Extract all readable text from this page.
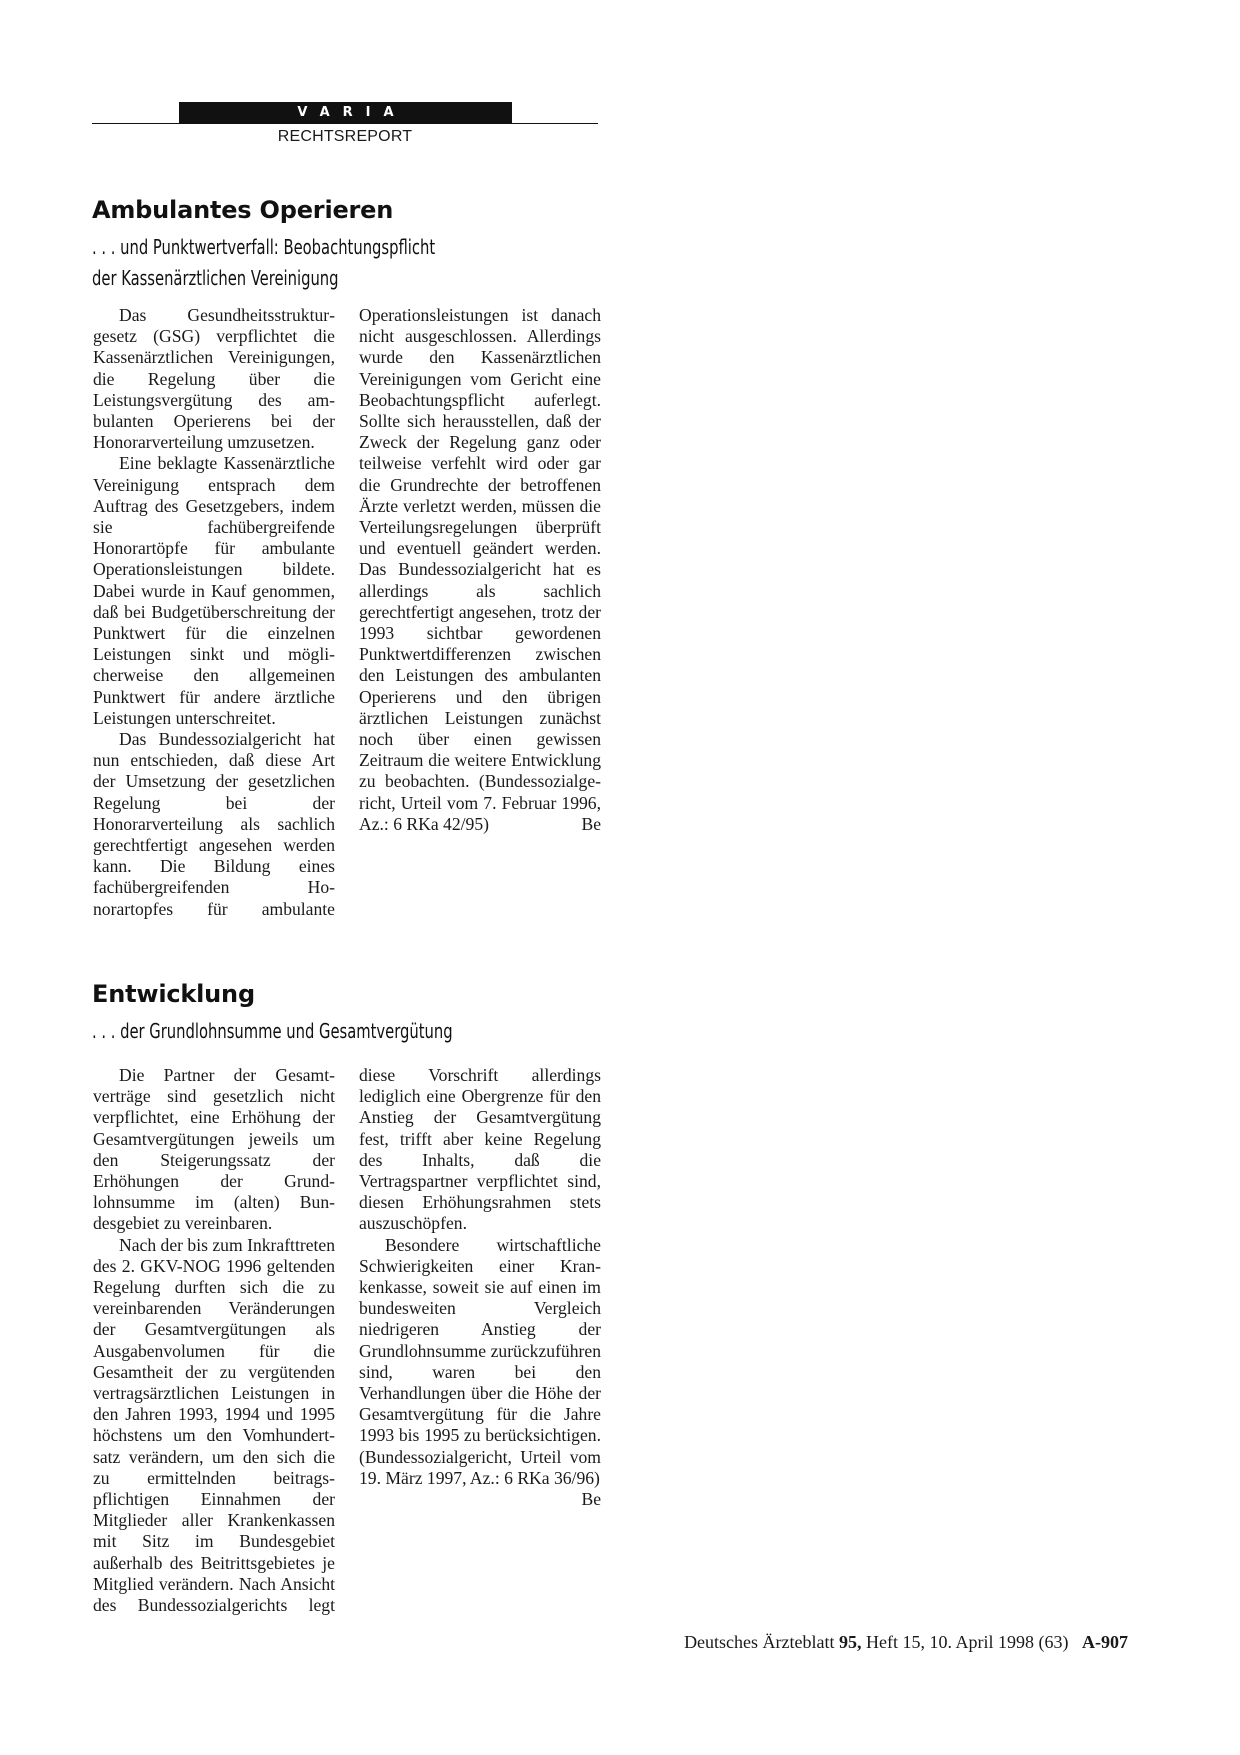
VARIA
RECHTSREPORT
Ambulantes Operieren
. . . und Punktwertverfall: Beobachtungspflicht
der Kassenärztlichen Vereinigung

Das Gesundheitsstrukturgesetz (GSG) verpflichtet die Kassenärztlichen Vereinigungen, die Regelung über die Leistungsvergütung des ambulanten Operierens bei der Honorarverteilung umzusetzen.

Eine beklagte Kassenärztliche Vereinigung entsprach dem Auftrag des Gesetzgebers, indem sie fachübergreifende Honorartöpfe für ambulante Operationsleistungen bildete. Dabei wurde in Kauf genommen, daß bei Budgetüberschreitung der Punktwert für die einzelnen Leistungen sinkt und möglicherweise den allgemeinen Punktwert für andere ärztliche Leistungen unterschreitet.

Das Bundessozialgericht hat nun entschieden, daß diese Art der Umsetzung der gesetzlichen Regelung bei der Honorarverteilung als sachlich gerechtfertigt angesehen werden kann. Die Bildung eines fachübergreifenden Honorartopfes für ambulante Operationsleistungen ist danach nicht ausgeschlossen. Allerdings wurde den Kassenärztlichen Vereinigungen vom Gericht eine Beobachtungspflicht auferlegt. Sollte sich herausstellen, daß der Zweck der Regelung ganz oder teilweise verfehlt wird oder gar die Grundrechte der betroffenen Ärzte verletzt werden, müssen die Verteilungsregelungen überprüft und eventuell geändert werden. Das Bundessozialgericht hat es allerdings als sachlich gerechtfertigt angesehen, trotz der 1993 sichtbar gewordenen Punktwertdifferenzen zwischen den Leistungen des ambulanten Operierens und den übrigen ärztlichen Leistungen zunächst noch über einen gewissen Zeitraum die weitere Entwicklung zu beobachten. (Bundessozialgericht, Urteil vom 7. Februar 1996, Az.: 6 RKa 42/95)	Be

Entwicklung
. . . der Grundlohnsumme und Gesamtvergütung

Die Partner der Gesamtverträge sind gesetzlich nicht verpflichtet, eine Erhöhung der Gesamtvergütungen jeweils um den Steigerungssatz der Erhöhungen der Grundlohnsumme im (alten) Bundesgebiet zu vereinbaren.

Nach der bis zum Inkrafttreten des 2. GKV-NOG 1996 geltenden Regelung durften sich die zu vereinbarenden Veränderungen der Gesamtvergütungen als Ausgabenvolumen für die Gesamtheit der zu vergütenden vertragsärztlichen Leistungen in den Jahren 1993, 1994 und 1995 höchstens um den Vomhundertsatz verändern, um den sich die zu ermittelnden beitragspflichtigen Einnahmen der Mitglieder aller Krankenkassen mit Sitz im Bundesgebiet außerhalb des Beitrittsgebietes je Mitglied verändern. Nach Ansicht des Bundessozialgerichts legt diese Vorschrift allerdings lediglich eine Obergrenze für den Anstieg der Gesamtvergütung fest, trifft aber keine Regelung des Inhalts, daß die Vertragspartner verpflichtet sind, diesen Erhöhungsrahmen stets auszuschöpfen.

Besondere wirtschaftliche Schwierigkeiten einer Krankenkasse, soweit sie auf einen im bundesweiten Vergleich niedrigeren Anstieg der Grundlohnsumme zurückzuführen sind, waren bei den Verhandlungen über die Höhe der Gesamtvergütung für die Jahre 1993 bis 1995 zu berücksichtigen. (Bundessozialgericht, Urteil vom 19. März 1997, Az.: 6 RKa 36/96)
Be

Deutsches Ärzteblatt 95, Heft 15, 10. April 1998 (63) A-907
